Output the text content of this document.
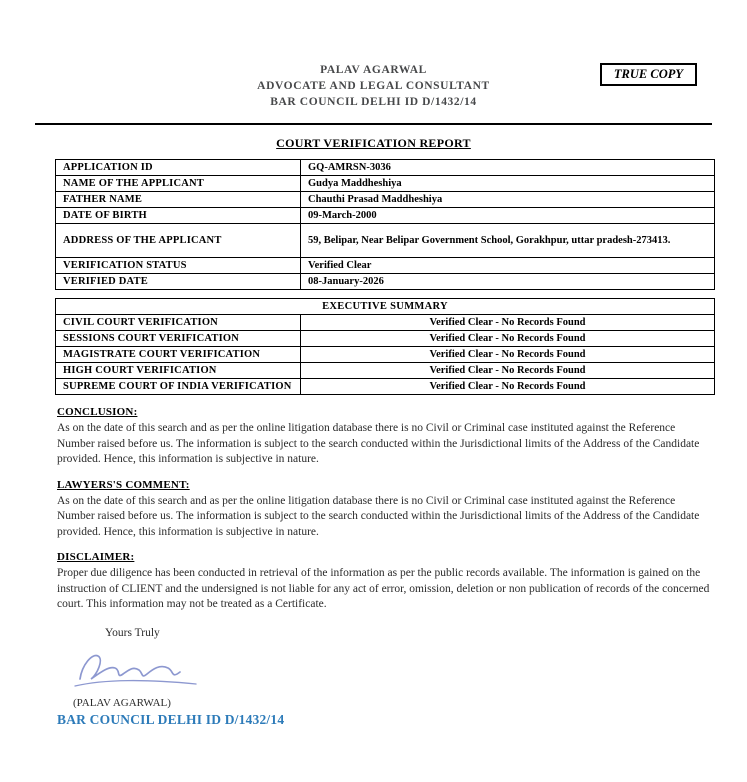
TRUE COPY
PALAV AGARWAL
ADVOCATE AND LEGAL CONSULTANT
BAR COUNCIL DELHI ID D/1432/14
COURT VERIFICATION REPORT
APPLICATION ID	GQ-AMRSN-3036
NAME OF THE APPLICANT	Gudya Maddheshiya
FATHER NAME	Chauthi Prasad Maddheshiya
DATE OF BIRTH	09-March-2000
ADDRESS OF THE APPLICANT	59, Belipar, Near Belipar Government School, Gorakhpur, uttar pradesh-273413.
VERIFICATION STATUS	Verified Clear
VERIFIED DATE	08-January-2026
EXECUTIVE SUMMARY	
CIVIL COURT VERIFICATION	Verified Clear - No Records Found
SESSIONS COURT VERIFICATION	Verified Clear - No Records Found
MAGISTRATE COURT VERIFICATION	Verified Clear - No Records Found
HIGH COURT VERIFICATION	Verified Clear - No Records Found
SUPREME COURT OF INDIA VERIFICATION	Verified Clear - No Records Found
CONCLUSION:
As on the date of this search and as per the online litigation database there is no Civil or Criminal case instituted against the Reference Number raised before us. The information is subject to the search conducted within the Jurisdictional limits of the Address of the Candidate provided. Hence, this information is subjective in nature.
LAWYERS'S COMMENT:
As on the date of this search and as per the online litigation database there is no Civil or Criminal case instituted against the Reference Number raised before us. The information is subject to the search conducted within the Jurisdictional limits of the Address of the Candidate provided. Hence, this information is subjective in nature.
DISCLAIMER:
Proper due diligence has been conducted in retrieval of the information as per the public records available. The information is gained on the instruction of CLIENT and the undersigned is not liable for any act of error, omission, deletion or non publication of records of the concerned court. This information may not be treated as a Certificate.
Yours Truly
(PALAV AGARWAL)
BAR COUNCIL DELHI ID D/1432/14
